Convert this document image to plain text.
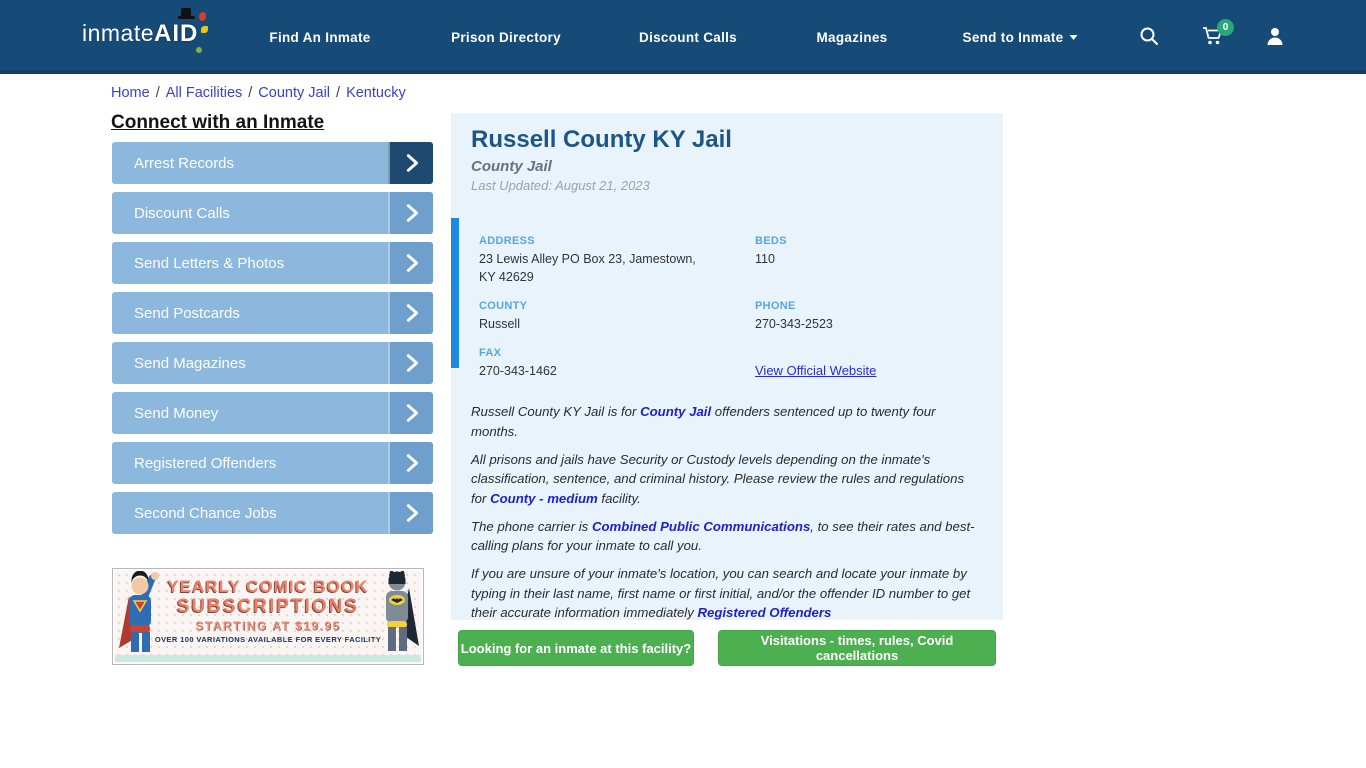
inmateAID	Find An Inmate	Prison Directory	Discount Calls	Magazines	Send to Inmate
0
Home / All Facilities / County Jail / Kentucky
Connect with an Inmate
Arrest Records
Discount Calls
Send Letters & Photos
Send Postcards
Send Magazines
Send Money
Registered Offenders
Second Chance Jobs
YEARLY COMIC BOOK
SUBSCRIPTIONS
STARTING AT $19.95
OVER 100 VARIATIONS AVAILABLE FOR EVERY FACILITY
Russell County KY Jail
County Jail
Last Updated: August 21, 2023
ADDRESS
23 Lewis Alley PO Box 23, Jamestown, KY 42629
BEDS
110
COUNTY
Russell
PHONE
270-343-2523
FAX
270-343-1462	View Official Website

Russell County KY Jail is for County Jail offenders sentenced up to twenty four months.

All prisons and jails have Security or Custody levels depending on the inmate's classification, sentence, and criminal history. Please review the rules and regulations for County - medium facility.

The phone carrier is Combined Public Communications, to see their rates and best-calling plans for your inmate to call you.

If you are unsure of your inmate's location, you can search and locate your inmate by typing in their last name, first name or first initial, and/or the offender ID number to get their accurate information immediately Registered Offenders

Looking for an inmate at this facility?	Visitations - times, rules, Covid cancellations
